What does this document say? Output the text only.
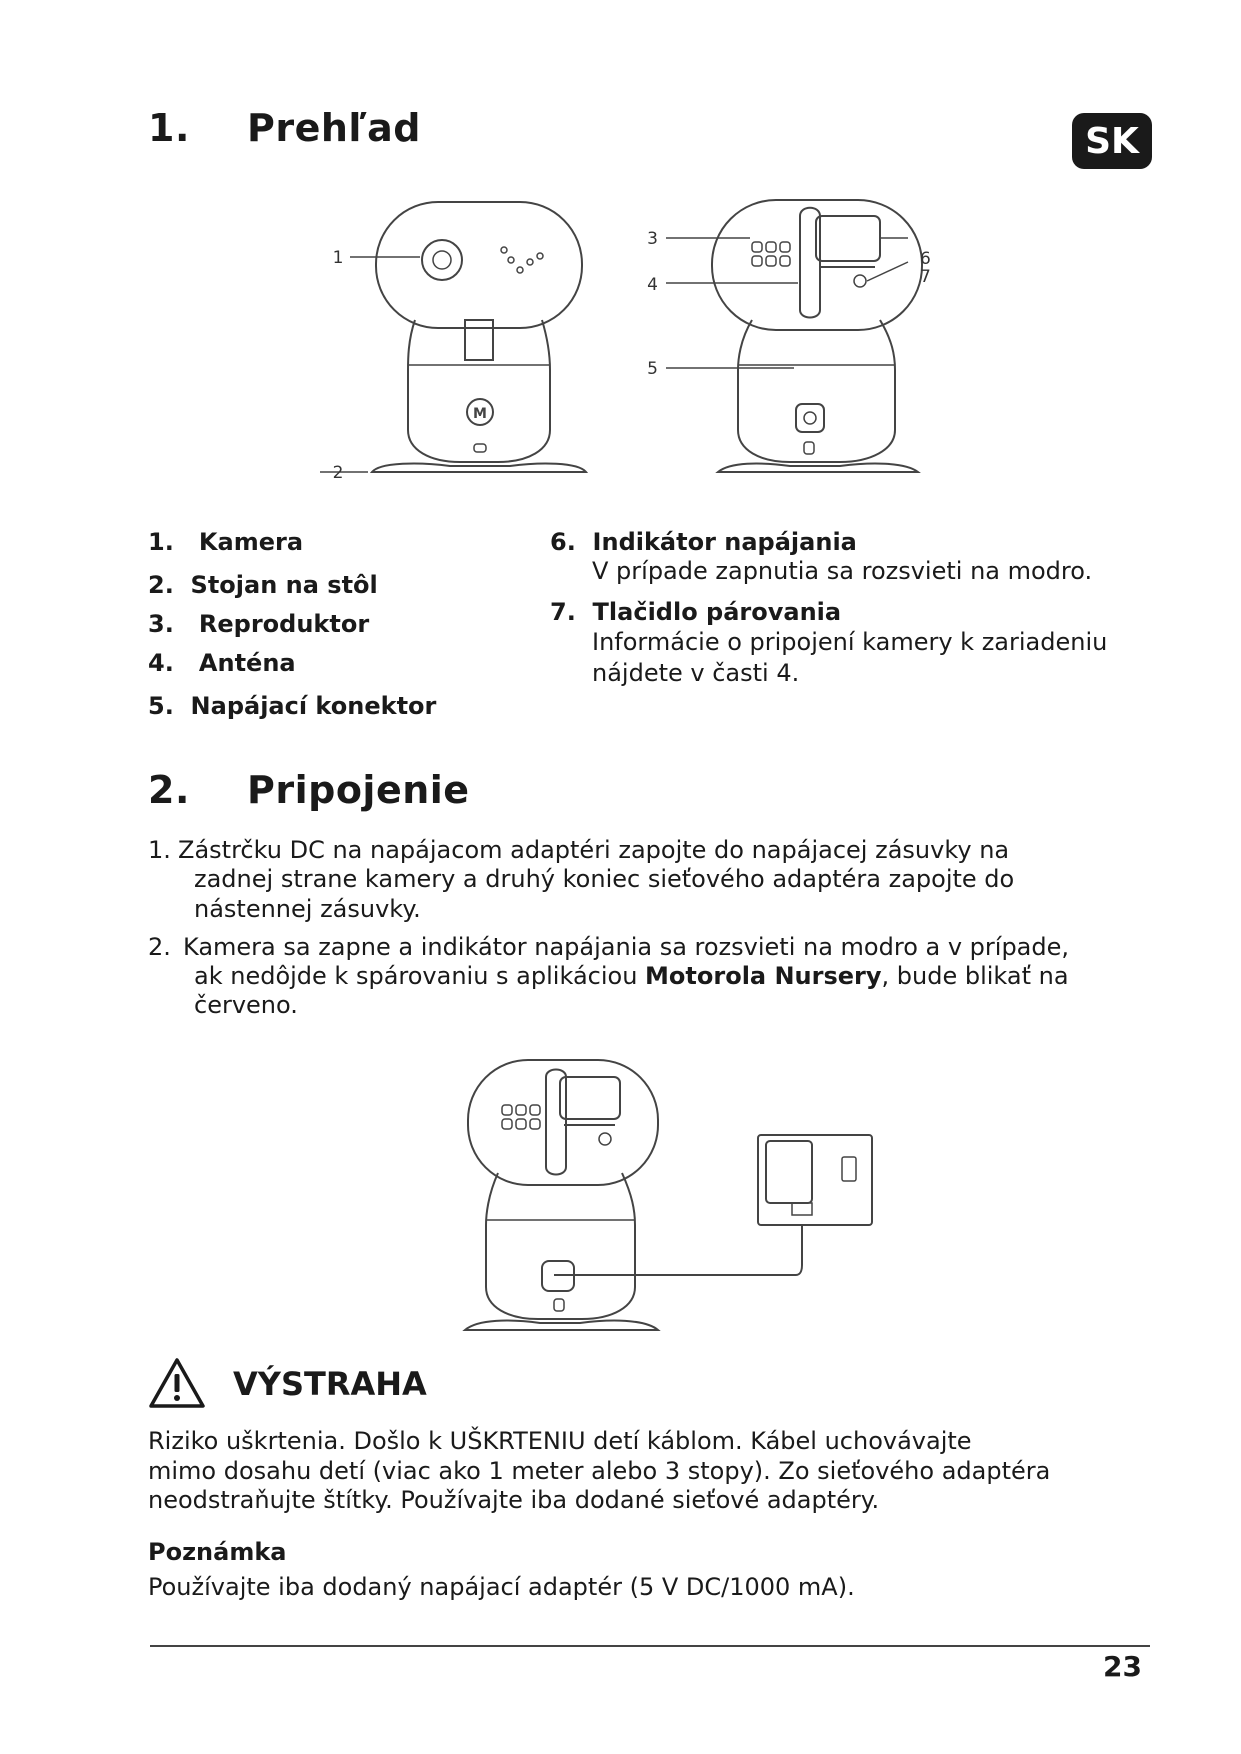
1. Prehľad	SK
M
1
2
3
4
5
6
7
1. Kamera
2. Stojan na stôl
3. Reproduktor
4. Anténa
5. Napájací konektor
6. Indikátor napájania
V prípade zapnutia sa rozsvieti na modro.
7. Tlačidlo párovania
Informácie o pripojení kamery k zariadeniu
nájdete v časti 4.
2. Pripojenie
1. Zástrčku DC na napájacom adaptéri zapojte do napájacej zásuvky na
zadnej strane kamery a druhý koniec sieťového adaptéra zapojte do
nástennej zásuvky.
2. Kamera sa zapne a indikátor napájania sa rozsvieti na modro a v prípade,
ak nedôjde k spárovaniu s aplikáciou Motorola Nursery, bude blikať na
červeno.
VÝSTRAHA
Riziko uškrtenia. Došlo k UŠKRTENIU detí káblom. Kábel uchovávajte
mimo dosahu detí (viac ako 1 meter alebo 3 stopy). Zo sieťového adaptéra
neodstraňujte štítky. Používajte iba dodané sieťové adaptéry.
Poznámka
Používajte iba dodaný napájací adaptér (5 V DC/1000 mA).
23
